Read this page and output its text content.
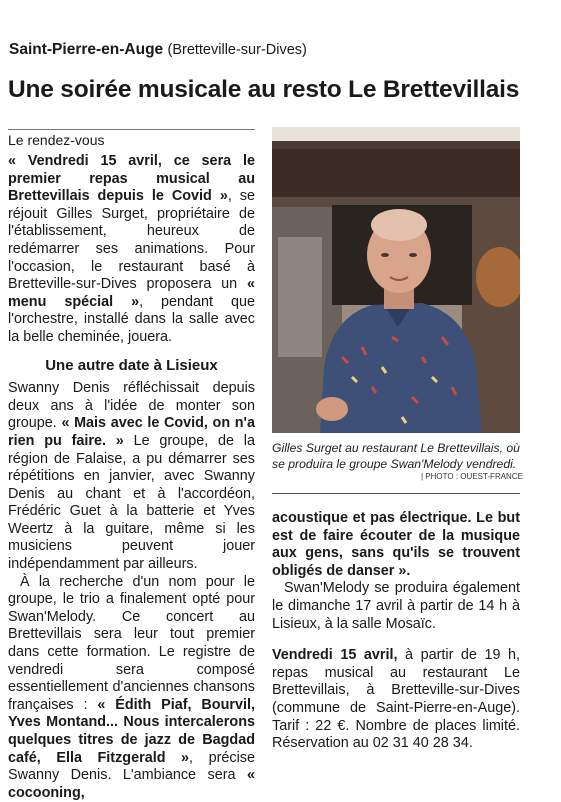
Saint-Pierre-en-Auge (Bretteville-sur-Dives)
Une soirée musicale au resto Le Brettevillais
Le rendez-vous

« Vendredi 15 avril, ce sera le premier repas musical au Brettevillais depuis le Covid », se réjouit Gilles Surget, propriétaire de l'établissement, heureux de redémarrer ses animations. Pour l'occasion, le restaurant basé à Bretteville-sur-Dives proposera un « menu spécial », pendant que l'orchestre, installé dans la salle avec la belle cheminée, jouera.

Une autre date à Lisieux

Swanny Denis réfléchissait depuis deux ans à l'idée de monter son groupe. « Mais avec le Covid, on n'a rien pu faire. » Le groupe, de la région de Falaise, a pu démarrer ses répétitions en janvier, avec Swanny Denis au chant et à l'accordéon, Frédéric Guet à la batterie et Yves Weertz à la guitare, même si les musiciens peuvent jouer indépendamment par ailleurs.

À la recherche d'un nom pour le groupe, le trio a finalement opté pour Swan'Melody. Ce concert au Brettevillais sera leur tout premier dans cette formation. Le registre de vendredi sera composé essentiellement d'anciennes chansons françaises : « Édith Piaf, Bourvil, Yves Montand... Nous intercalerons quelques titres de jazz de Bagdad café, Ella Fitzgerald », précise Swanny Denis. L'ambiance sera « cocooning,

Gilles Surget au restaurant Le Brettevillais, où se produira le groupe Swan'Melody vendredi.
| PHOTO : OUEST-FRANCE

acoustique et pas électrique. Le but est de faire écouter de la musique aux gens, sans qu'ils se trouvent obligés de danser ».

Swan'Melody se produira également le dimanche 17 avril à partir de 14 h à Lisieux, à la salle Mosaïc.

Vendredi 15 avril, à partir de 19 h, repas musical au restaurant Le Brettevillais, à Bretteville-sur-Dives (commune de Saint-Pierre-en-Auge). Tarif : 22 €. Nombre de places limité. Réservation au 02 31 40 28 34.
